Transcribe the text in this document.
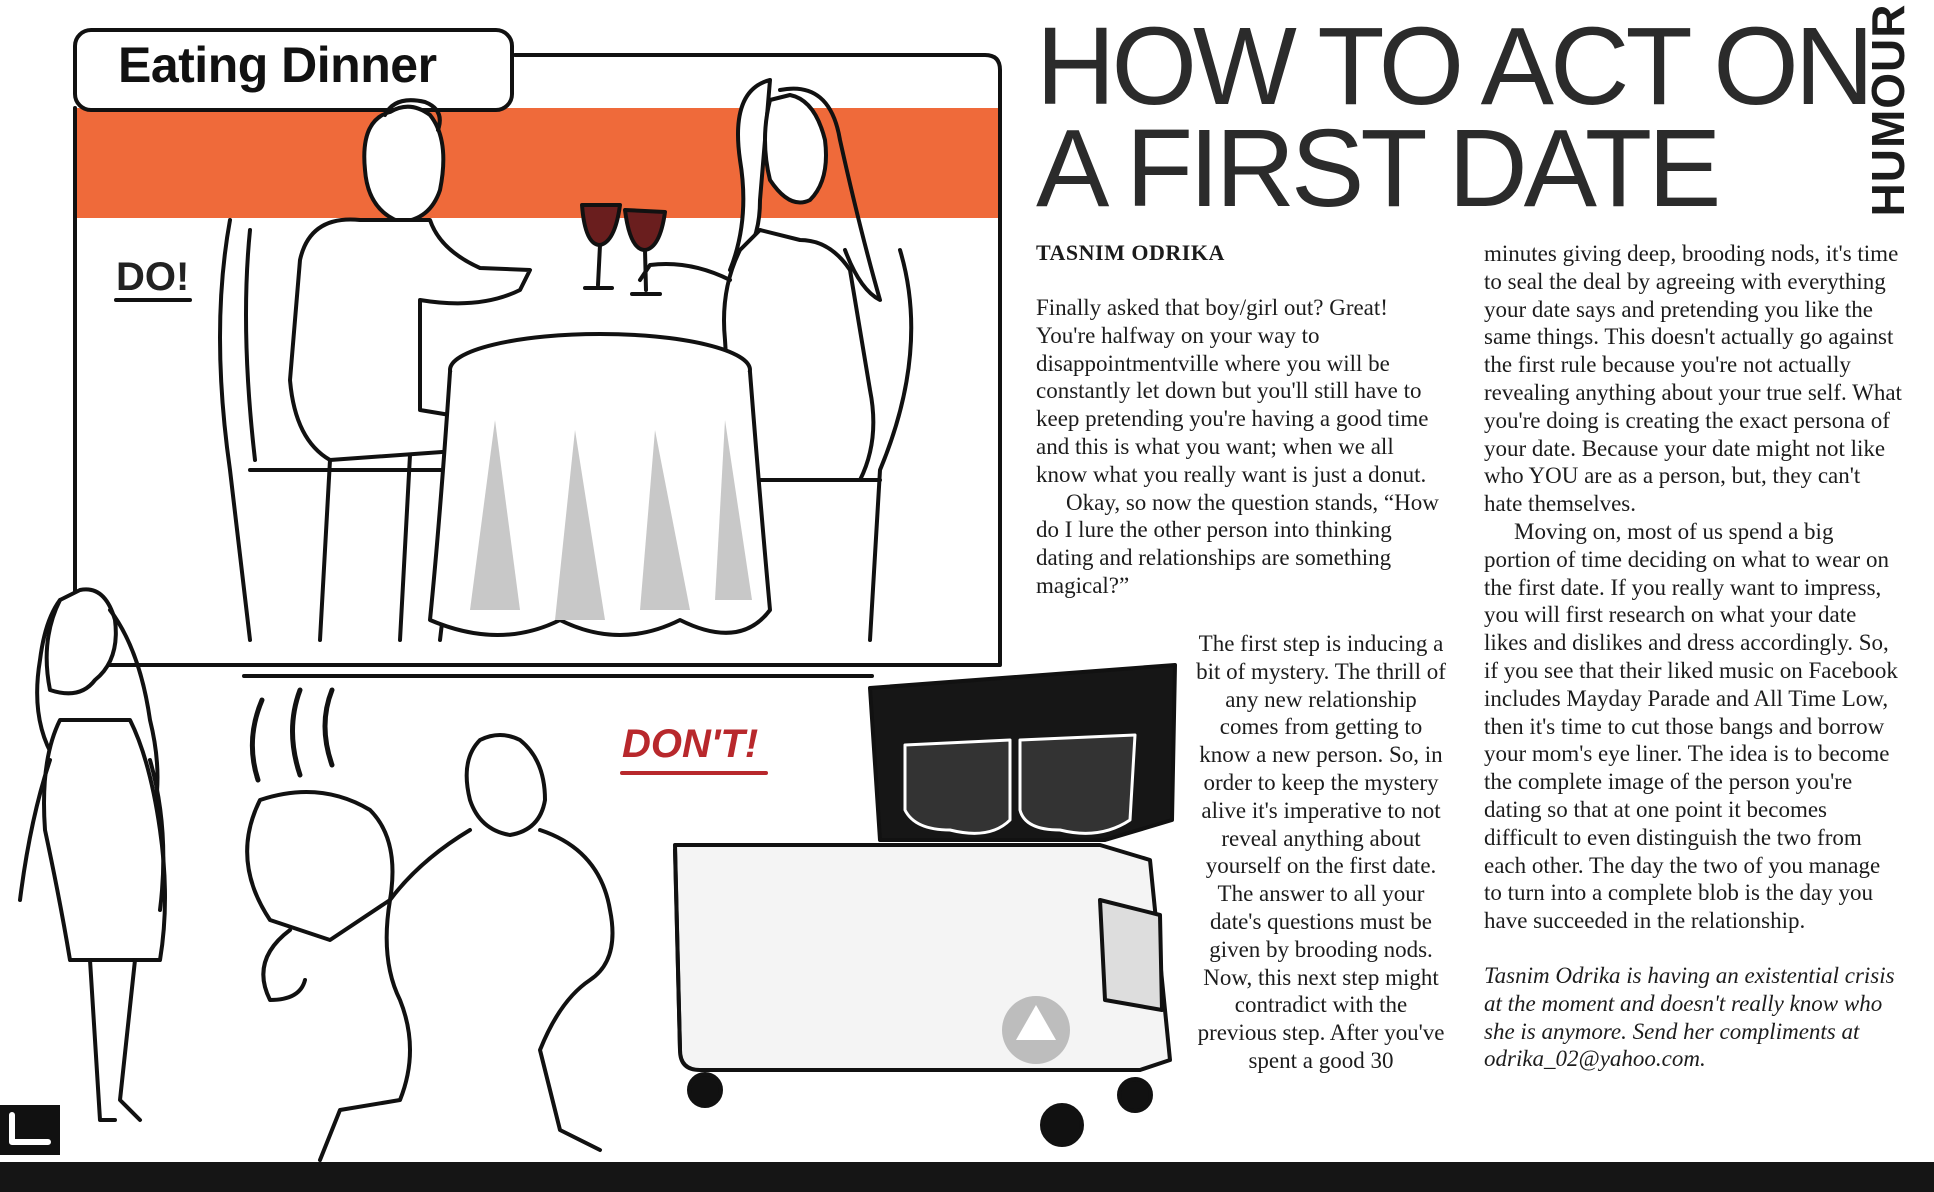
Eating Dinner
DO!
DON'T!
HOW TO ACT ON
A FIRST DATE	HUMOUR
TASNIM ODRIKA

Finally asked that boy/girl out? Great! You're halfway on your way to disappointmentville where you will be constantly let down but you'll still have to keep pretending you're having a good time and this is what you want; when we all know what you really want is just a donut.

Okay, so now the question stands, “How do I lure the other person into thinking dating and relationships are something magical?”

The first step is inducing a bit of mystery. The thrill of any new relationship comes from getting to know a new person. So, in order to keep the mystery alive it's imperative to not reveal anything about yourself on the first date. The answer to all your date's questions must be given by brooding nods.

Now, this next step might contradict with the previous step. After you've spent a good 30

minutes giving deep, brooding nods, it's time to seal the deal by agreeing with everything your date says and pretending you like the same things. This doesn't actually go against the first rule because you're not actually revealing anything about your true self. What you're doing is creating the exact persona of your date. Because your date might not like who YOU are as a person, but, they can't hate themselves.

Moving on, most of us spend a big portion of time deciding on what to wear on the first date. If you really want to impress, you will first research on what your date likes and dislikes and dress accordingly. So, if you see that their liked music on Facebook includes Mayday Parade and All Time Low, then it's time to cut those bangs and borrow your mom's eye liner. The idea is to become the complete image of the person you're dating so that at one point it becomes difficult to even distinguish the two from each other. The day the two of you manage to turn into a complete blob is the day you have succeeded in the relationship.

Tasnim Odrika is having an existential crisis at the moment and doesn't really know who she is anymore. Send her compliments at odrika_02@yahoo.com.
